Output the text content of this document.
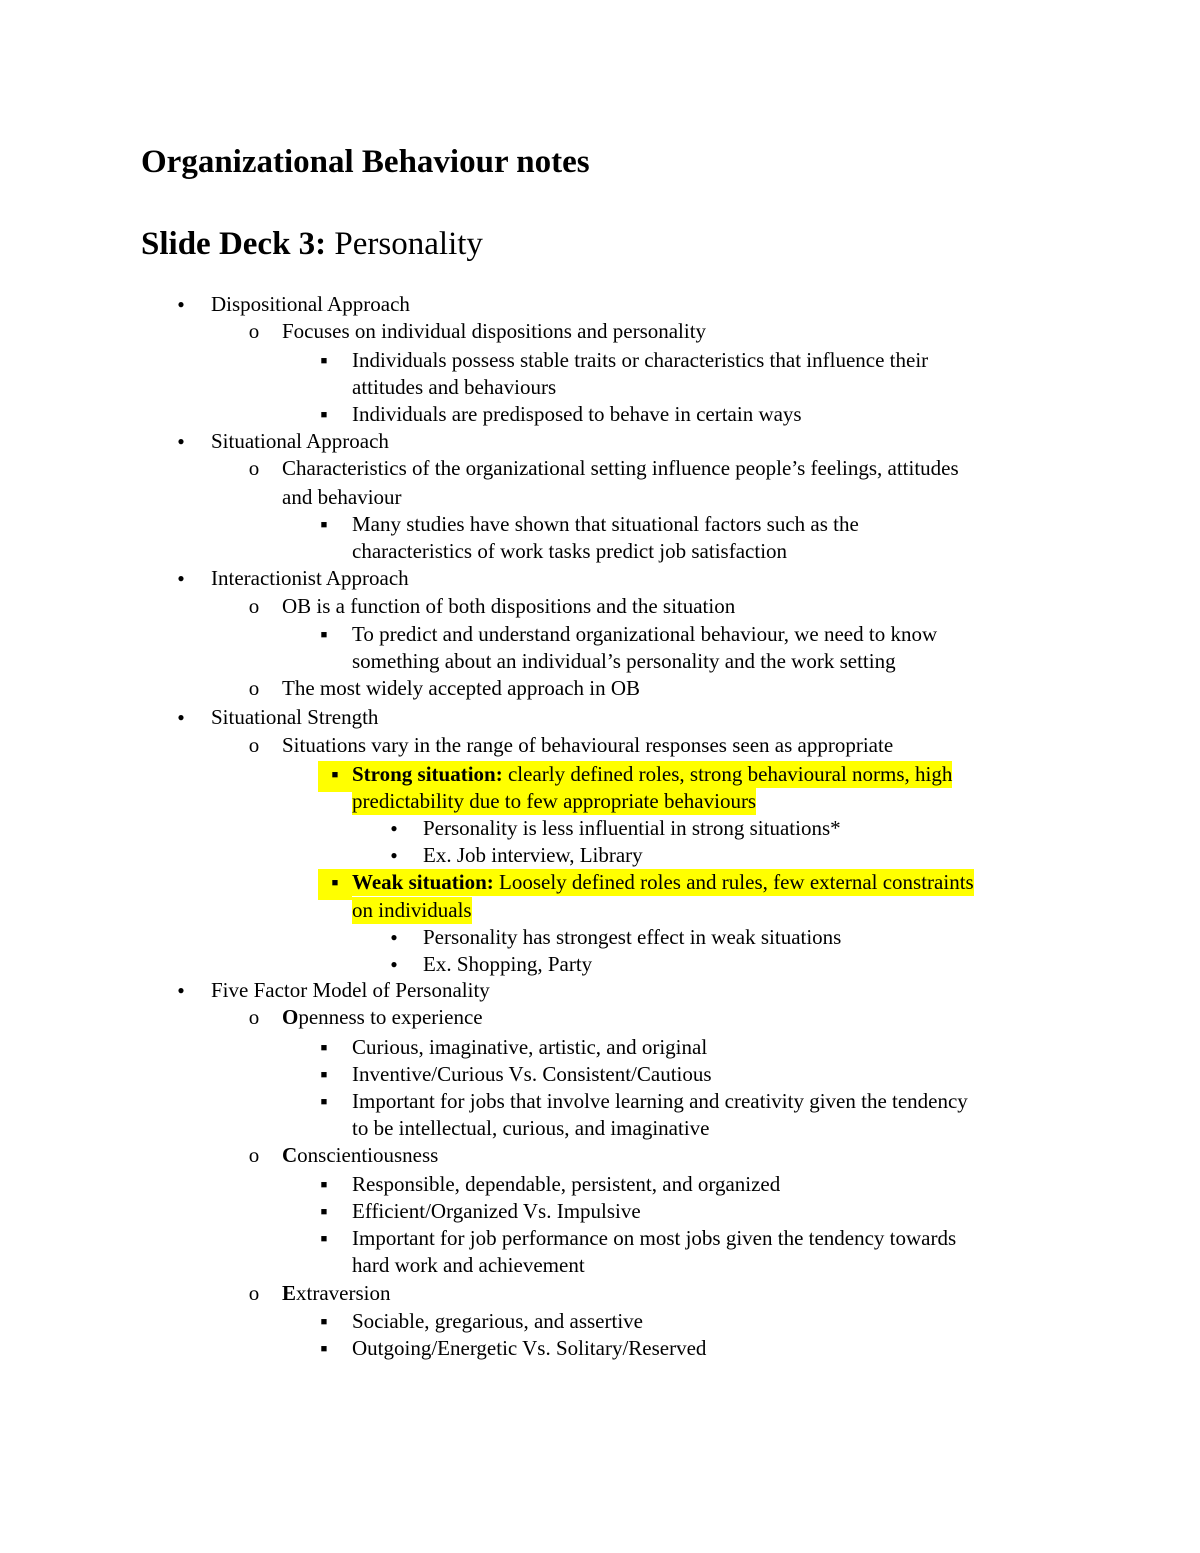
Organizational Behaviour notes
Slide Deck 3: Personality
●
Dispositional Approach
o
Focuses on individual dispositions and personality
■
Individuals possess stable traits or characteristics that influence their
attitudes and behaviours
■
Individuals are predisposed to behave in certain ways
●
Situational Approach
o
Characteristics of the organizational setting influence people’s feelings, attitudes
and behaviour
■
Many studies have shown that situational factors such as the
characteristics of work tasks predict job satisfaction
●
Interactionist Approach
o
OB is a function of both dispositions and the situation
■
To predict and understand organizational behaviour, we need to know
something about an individual’s personality and the work setting
o
The most widely accepted approach in OB
●
Situational Strength
o
Situations vary in the range of behavioural responses seen as appropriate
■
Strong situation: clearly defined roles, strong behavioural norms, high
predictability due to few appropriate behaviours
●
Personality is less influential in strong situations*
●
Ex. Job interview, Library
■
Weak situation: Loosely defined roles and rules, few external constraints
on individuals
●
Personality has strongest effect in weak situations
●
Ex. Shopping, Party
●
Five Factor Model of Personality
o
Openness to experience
■
Curious, imaginative, artistic, and original
■
Inventive/Curious Vs. Consistent/Cautious
■
Important for jobs that involve learning and creativity given the tendency
to be intellectual, curious, and imaginative
o
Conscientiousness
■
Responsible, dependable, persistent, and organized
■
Efficient/Organized Vs. Impulsive
■
Important for job performance on most jobs given the tendency towards
hard work and achievement
o
Extraversion
■
Sociable, gregarious, and assertive
■
Outgoing/Energetic Vs. Solitary/Reserved
